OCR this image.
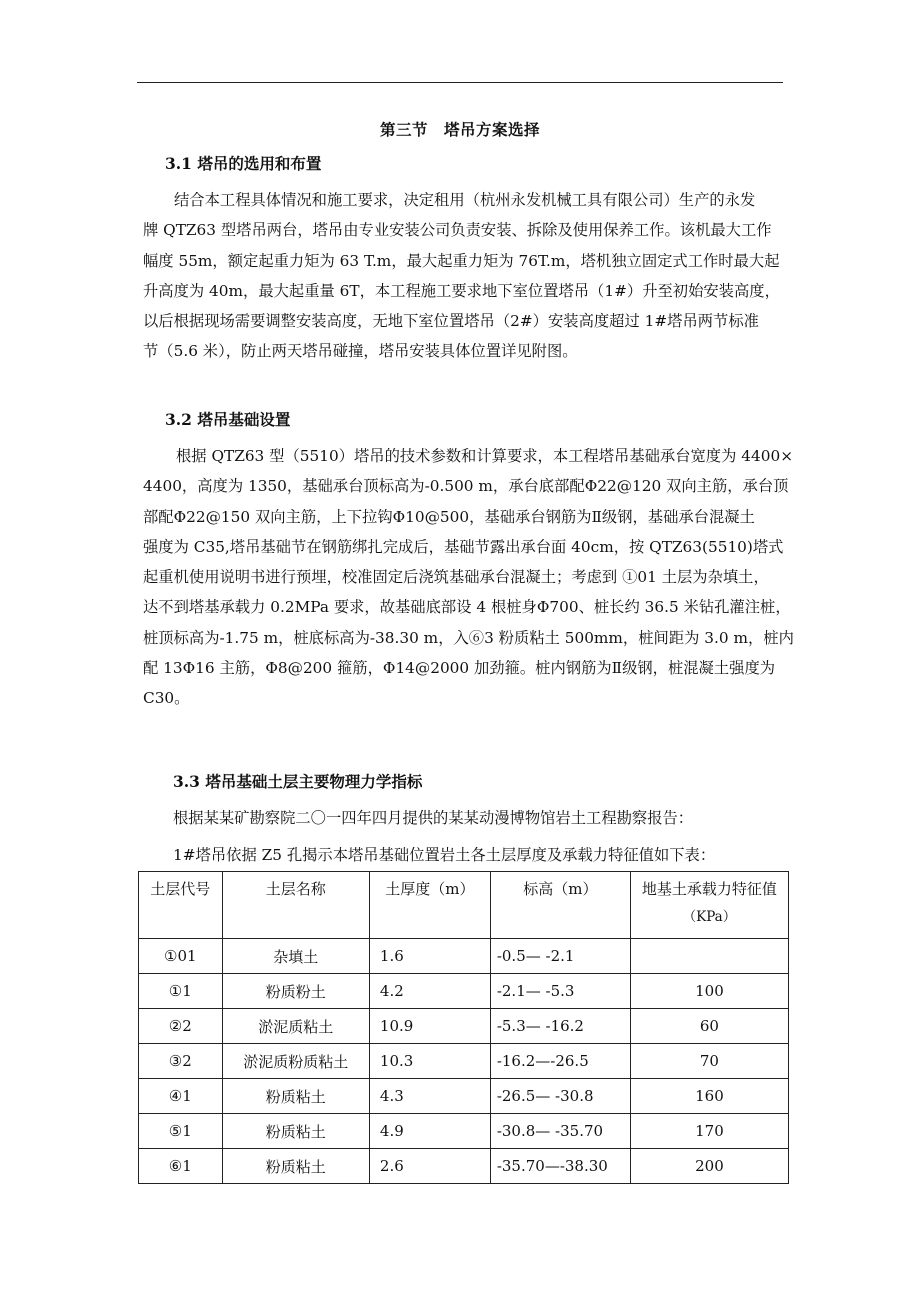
第三节　塔吊方案选择
3.1 塔吊的选用和布置
结合本工程具体情况和施工要求，决定租用（杭州永发机械工具有限公司）生产的永发
牌 QTZ63 型塔吊两台，塔吊由专业安装公司负责安装、拆除及使用保养工作。该机最大工作
幅度 55m，额定起重力矩为 63 T.m，最大起重力矩为 76T.m，塔机独立固定式工作时最大起
升高度为 40m，最大起重量 6T，本工程施工要求地下室位置塔吊（1#）升至初始安装高度，
以后根据现场需要调整安装高度，无地下室位置塔吊（2#）安装高度超过 1#塔吊两节标准
节（5.6 米），防止两天塔吊碰撞，塔吊安装具体位置详见附图。
3.2 塔吊基础设置
根据 QTZ63 型（5510）塔吊的技术参数和计算要求，本工程塔吊基础承台宽度为 4400×
4400，高度为 1350，基础承台顶标高为-0.500 m，承台底部配Φ22@120 双向主筋，承台顶
部配Φ22@150 双向主筋，上下拉钩Φ10@500，基础承台钢筋为Ⅱ级钢，基础承台混凝土
强度为 C35,塔吊基础节在钢筋绑扎完成后，基础节露出承台面 40cm，按 QTZ63(5510)塔式
起重机使用说明书进行预埋，校准固定后浇筑基础承台混凝土；考虑到 ①01 土层为杂填土，
达不到塔基承载力 0.2MPa 要求，故基础底部设 4 根桩身Φ700、桩长约 36.5 米钻孔灌注桩，
桩顶标高为-1.75 m，桩底标高为-38.30 m，入⑥3 粉质粘土 500mm，桩间距为 3.0 m，桩内
配 13Φ16 主筋，Φ8@200 箍筋，Φ14@2000 加劲箍。桩内钢筋为Ⅱ级钢，桩混凝土强度为
C30。
3.3 塔吊基础土层主要物理力学指标
根据某某矿勘察院二〇一四年四月提供的某某动漫博物馆岩土工程勘察报告：
1#塔吊依据 Z5 孔揭示本塔吊基础位置岩土各土层厚度及承载力特征值如下表：
土层代号	土层名称	土厚度（m）	标高（m）	地基土承载力特征值
（KPa）

①01	杂填土	1.6	-0.5— -2.1	
①1	粉质粉土	4.2	-2.1— -5.3	100
②2	淤泥质粘土	10.9	-5.3— -16.2	60
③2	淤泥质粉质粘土	10.3	-16.2—-26.5	70
④1	粉质粘土	4.3	-26.5— -30.8	160
⑤1	粉质粘土	4.9	-30.8— -35.70	170
⑥1	粉质粘土	2.6	-35.70—-38.30	200
